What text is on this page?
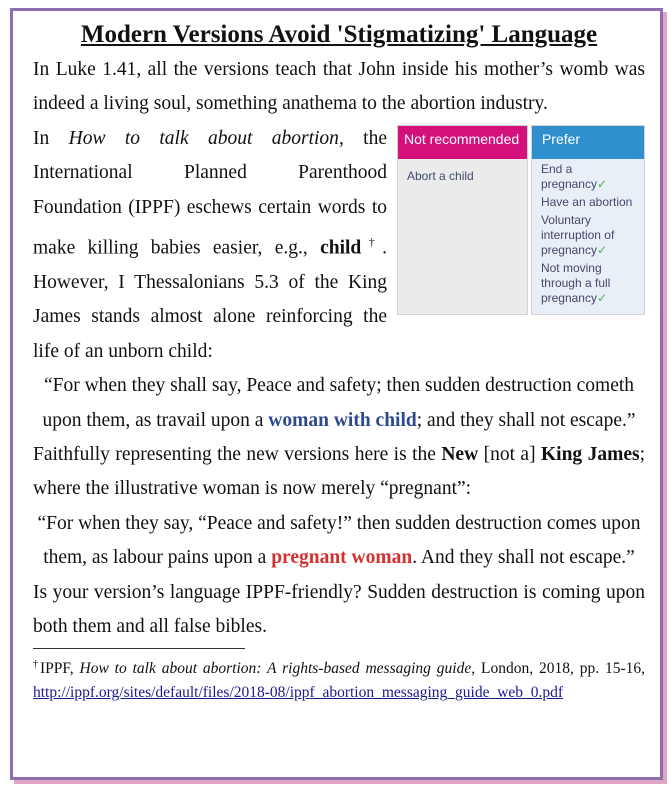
Modern Versions Avoid 'Stigmatizing' Language

In Luke 1.41, all the versions teach that John inside his mother’s womb was indeed a living soul, something anathema to the abortion industry.

Not recommended
Abort a child
Prefer
End a pregnancy✓
Have an abortion
Voluntary interruption of pregnancy✓
Not moving through a full pregnancy✓

In How to talk about abortion, the International Planned Parenthood Foundation (IPPF) eschews certain words to make killing babies easier, e.g., child†. However, I Thessalonians 5.3 of the King James stands almost alone reinforcing the life of an unborn child:

“For when they shall say, Peace and safety; then sudden destruction cometh upon them, as travail upon a woman with child; and they shall not escape.”

Faithfully representing the new versions here is the New [not a] King James; where the illustrative woman is now merely “pregnant”:

“For when they say, “Peace and safety!” then sudden destruction comes upon them, as labour pains upon a pregnant woman. And they shall not escape.”

Is your version’s language IPPF-friendly? Sudden destruction is coming upon both them and all false bibles.

†IPPF, How to talk about abortion: A rights-based messaging guide, London, 2018, pp. 15-16, http://ippf.org/sites/default/files/2018-08/ippf_abortion_messaging_guide_web_0.pdf
